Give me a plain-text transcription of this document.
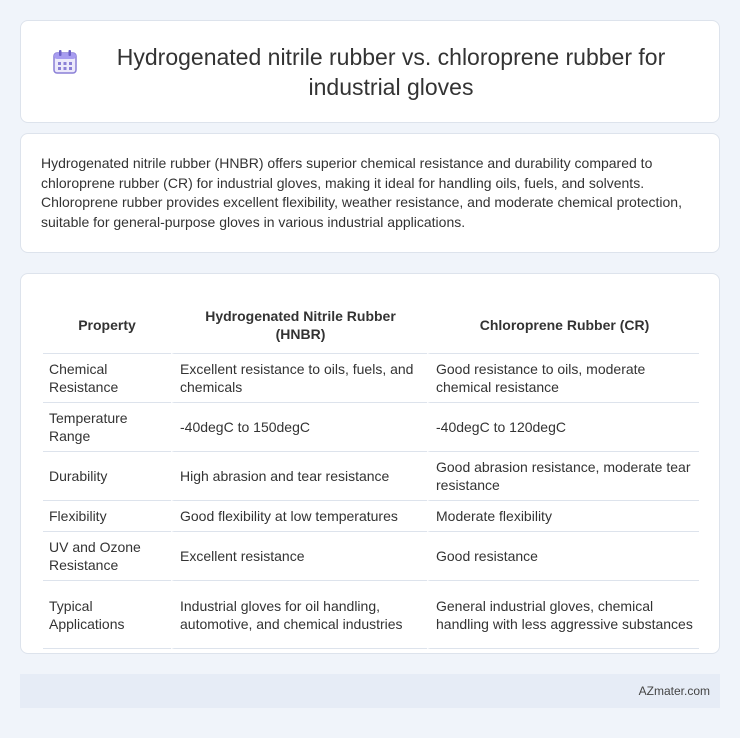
Hydrogenated nitrile rubber vs. chloroprene rubber for industrial gloves

Hydrogenated nitrile rubber (HNBR) offers superior chemical resistance and durability compared to chloroprene rubber (CR) for industrial gloves, making it ideal for handling oils, fuels, and solvents. Chloroprene rubber provides excellent flexibility, weather resistance, and moderate chemical protection, suitable for general-purpose gloves in various industrial applications.

Property	Hydrogenated Nitrile Rubber (HNBR)	Chloroprene Rubber (CR)
Chemical Resistance	Excellent resistance to oils, fuels, and chemicals	Good resistance to oils, moderate chemical resistance
Temperature Range	-40degC to 150degC	-40degC to 120degC
Durability	High abrasion and tear resistance	Good abrasion resistance, moderate tear resistance
Flexibility	Good flexibility at low temperatures	Moderate flexibility
UV and Ozone Resistance	Excellent resistance	Good resistance
Typical Applications	Industrial gloves for oil handling, automotive, and chemical industries	General industrial gloves, chemical handling with less aggressive substances
AZmater.com
